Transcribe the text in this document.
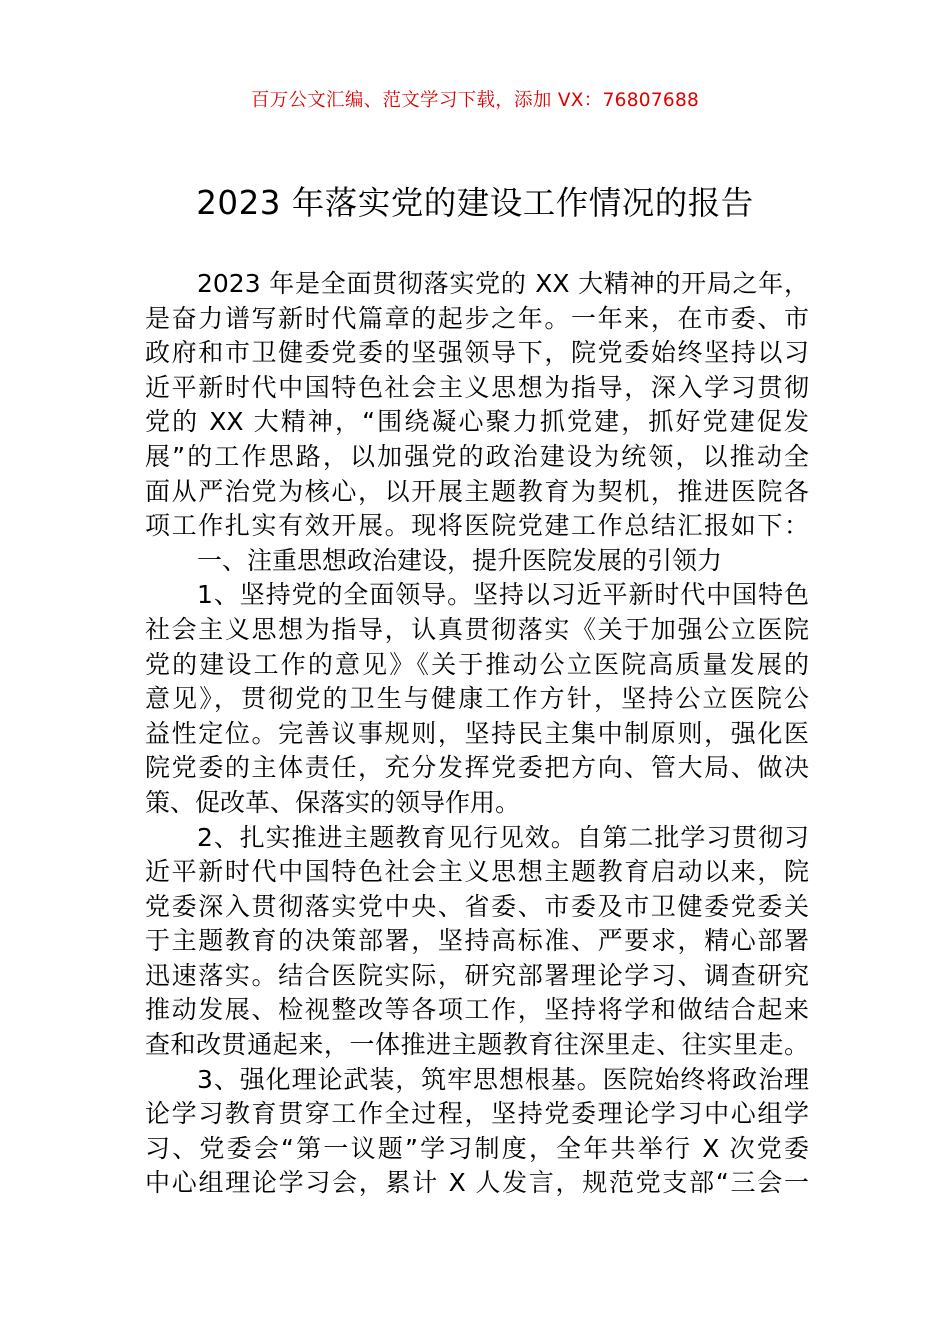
百万公文汇编、范文学习下载，添加 VX：76807688
2023 年落实党的建设工作情况的报告
2023 年是全面贯彻落实党的 XX 大精神的开局之年，
是奋力谱写新时代篇章的起步之年。一年来，在市委、市
政府和市卫健委党委的坚强领导下，院党委始终坚持以习
近平新时代中国特色社会主义思想为指导，深入学习贯彻
党的 XX 大精神，“围绕凝心聚力抓党建，抓好党建促发
展”的工作思路，以加强党的政治建设为统领，以推动全
面从严治党为核心，以开展主题教育为契机，推进医院各
项工作扎实有效开展。现将医院党建工作总结汇报如下：
一、注重思想政治建设，提升医院发展的引领力
1、坚持党的全面领导。坚持以习近平新时代中国特色
社会主义思想为指导，认真贯彻落实《关于加强公立医院
党的建设工作的意见》《关于推动公立医院高质量发展的
意见》，贯彻党的卫生与健康工作方针，坚持公立医院公
益性定位。完善议事规则，坚持民主集中制原则，强化医
院党委的主体责任，充分发挥党委把方向、管大局、做决
策、促改革、保落实的领导作用。
2、扎实推进主题教育见行见效。自第二批学习贯彻习
近平新时代中国特色社会主义思想主题教育启动以来，院
党委深入贯彻落实党中央、省委、市委及市卫健委党委关
于主题教育的决策部署，坚持高标准、严要求，精心部署
迅速落实。结合医院实际，研究部署理论学习、调查研究
推动发展、检视整改等各项工作，坚持将学和做结合起来
查和改贯通起来，一体推进主题教育往深里走、往实里走。
3、强化理论武装，筑牢思想根基。医院始终将政治理
论学习教育贯穿工作全过程，坚持党委理论学习中心组学
习、党委会“第一议题”学习制度，全年共举行 X 次党委
中心组理论学习会，累计 X 人发言，规范党支部“三会一
